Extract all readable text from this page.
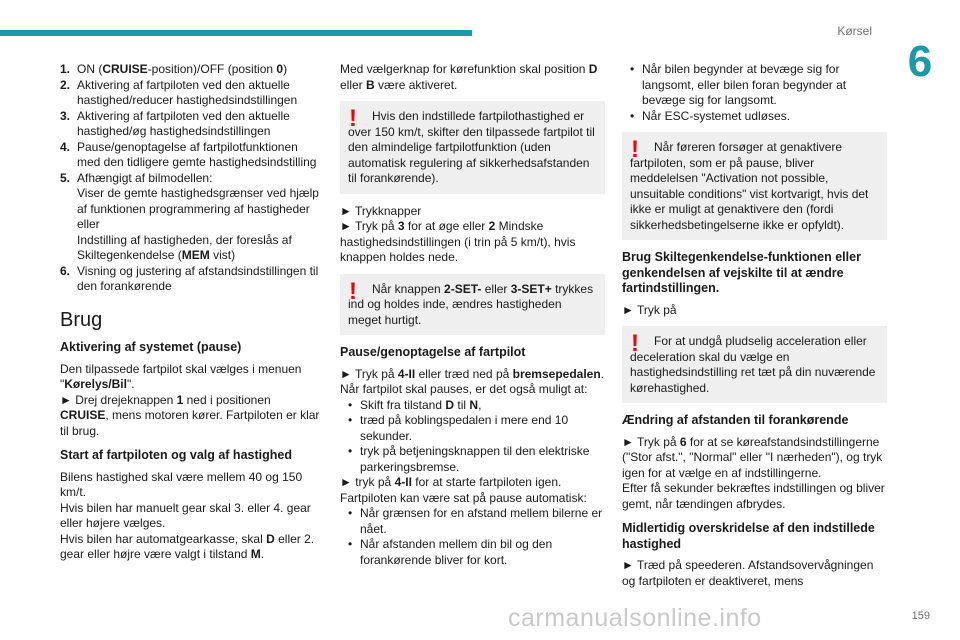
Kørsel
6
1. ON (CRUISE-position)/OFF (position 0)
2. Aktivering af fartpiloten ved den aktuelle hastighed/reducer hastighedsindstillingen
3. Aktivering af fartpiloten ved den aktuelle hastighed/øg hastighedsindstillingen
4. Pause/genoptagelse af fartpilotfunktionen med den tidligere gemte hastighedsindstilling
5. Afhængigt af bilmodellen:
Viser de gemte hastighedsgrænser ved hjælp af funktionen programmering af hastigheder
eller
Indstilling af hastigheden, der foreslås af Skiltegenkendelse (MEM vist)
6. Visning og justering af afstandsindstillingen til den forankørende
Brug
Aktivering af systemet (pause)

Den tilpassede fartpilot skal vælges i menuen "Kørelys/Bil".
► Drej drejeknappen 1 ned i positionen CRUISE, mens motoren kører. Fartpiloten er klar til brug.

Start af fartpiloten og valg af hastighed

Bilens hastighed skal være mellem 40 og 150 km/t.
Hvis bilen har manuelt gear skal 3. eller 4. gear eller højere vælges.
Hvis bilen har automatgearkasse, skal D eller 2. gear eller højre være valgt i tilstand M.

Med vælgerknap for kørefunktion skal position D eller B være aktiveret.

! Hvis den indstillede fartpilothastighed er over 150 km/t, skifter den tilpassede fartpilot til den almindelige fartpilotfunktion (uden automatisk regulering af sikkerhedsafstanden til forankørende).

► Trykknapper
► Tryk på 3 for at øge eller 2 Mindske hastighedsindstillingen (i trin på 5 km/t), hvis knappen holdes nede.

! Når knappen 2-SET- eller 3-SET+ trykkes ind og holdes inde, ændres hastigheden meget hurtigt.
Pause/genoptagelse af fartpilot

► Tryk på 4-II eller træd ned på bremsepedalen. Når fartpilot skal pauses, er det også muligt at:

• Skift fra tilstand D til N,
• træd på koblingspedalen i mere end 10 sekunder.
• tryk på betjeningsknappen til den elektriske parkeringsbremse.

► tryk på 4-II for at starte fartpiloten igen.
Fartpiloten kan være sat på pause automatisk:

• Når grænsen for en afstand mellem bilerne er nået.
• Når afstanden mellem din bil og den forankørende bliver for kort.
• Når bilen begynder at bevæge sig for langsomt, eller bilen foran begynder at bevæge sig for langsomt.
• Når ESC-systemet udløses.
! Når føreren forsøger at genaktivere fartpiloten, som er på pause, bliver meddelelsen "Activation not possible, unsuitable conditions" vist kortvarigt, hvis det ikke er muligt at genaktivere den (fordi sikkerhedsbetingelserne ikke er opfyldt).
Brug Skiltegenkendelse-funktionen eller genkendelsen af vejskilte til at ændre fartindstillingen.

► Tryk på

! For at undgå pludselig acceleration eller deceleration skal du vælge en hastighedsindstilling ret tæt på din nuværende kørehastighed.
Ændring af afstanden til forankørende

► Tryk på 6 for at se køreafstandsindstillingerne ("Stor afst.", "Normal" eller "I nærheden"), og tryk igen for at vælge en af indstillingerne.
Efter få sekunder bekræftes indstillingen og bliver gemt, når tændingen afbrydes.

Midlertidig overskridelse af den indstillede hastighed

► Træd på speederen. Afstandsovervågningen og fartpiloten er deaktiveret, mens

carmanualsonline.info	159
